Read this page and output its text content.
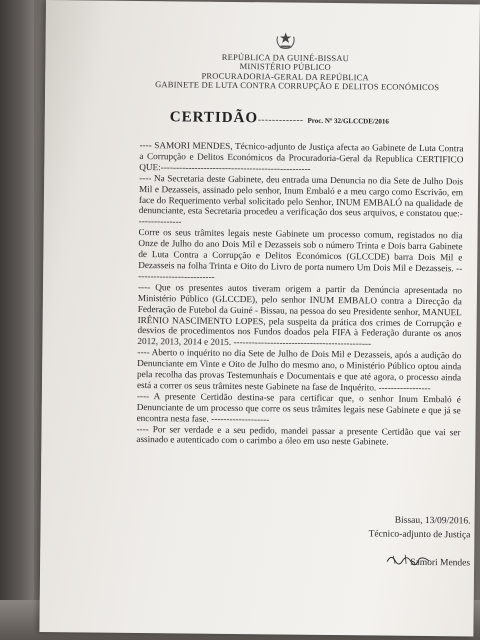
REPÚBLICA DA GUINÉ-BISSAU
MINISTÉRIO PÚBLICO
PROCURADORIA-GERAL DA REPÚBLICA
GABINETE DE LUTA CONTRA CORRUPÇÃO E DELITOS ECONÓMICOS
CERTIDÃO------------- Proc. Nº 32/GLCCDE/2016

---- SAMORI MENDES, Técnico-adjunto de Justiça afecta ao Gabinete de Luta Contra a Corrupção e Delitos Económicos da Procuradoria-Geral da Republica CERTIFICO QUE:-------------------------------------------------

---- Na Secretaria deste Gabinete, deu entrada uma Denuncia no dia Sete de Julho Dois Mil e Dezasseis, assinado pelo senhor, Inum Embaló e a meu cargo como Escrivão, em face do Requerimento verbal solicitado pelo Senhor, INUM EMBALÓ na qualidade de denunciante, esta Secretaria procedeu a verificação dos seus arquivos, e constatou que:---------------

Corre os seus trâmites legais neste Gabinete um processo comum, registados no dia Onze de Julho do ano Dois Mil e Dezasseis sob o número Trinta e Dois barra Gabinete de Luta Contra a Corrupção e Delitos Económicos (GLCCDE) barra Dois Mil e Dezasseis na folha Trinta e Oito do Livro de porta numero Um Dois Mil e Dezasseis. ---------------------------

---- Que os presentes autos tiveram origem a partir da Denúncia apresentada no Ministério Público (GLCCDE), pelo senhor INUM EMBALO contra a Direcção da Federação de Futebol da Guiné - Bissau, na pessoa do seu Presidente senhor, MANUEL IRÊNIO NASCIMENTO LOPES, pela suspeita da prática dos crimes de Corrupção e desvios de procedimentos nos Fundos doados pela FIFA à Federação durante os anos 2012, 2013, 2014 e 2015. ---------------------------------------------

---- Aberto o inquérito no dia Sete de Julho de Dois Mil e Dezasseis, após a audição do Denunciante em Vinte e Oito de Julho do mesmo ano, o Ministério Público optou ainda pela recolha das provas Testemunhais e Documentais e que até agora, o processo ainda está a correr os seus trâmites neste Gabinete na fase de Inquérito. -----------------

---- A presente Certidão destina-se para certificar que, o senhor Inum Embaló é Denunciante de um processo que corre os seus trâmites legais nese Gabinete e que já se encontra nesta fase. -------------------

---- Por ser verdade e a seu pedido, mandei passar a presente Certidão que vai ser assinado e autenticado com o carimbo a óleo em uso neste Gabinete.

Bissau, 13/09/2016.
Técnico-adjunto de Justiça
Samori Mendes
